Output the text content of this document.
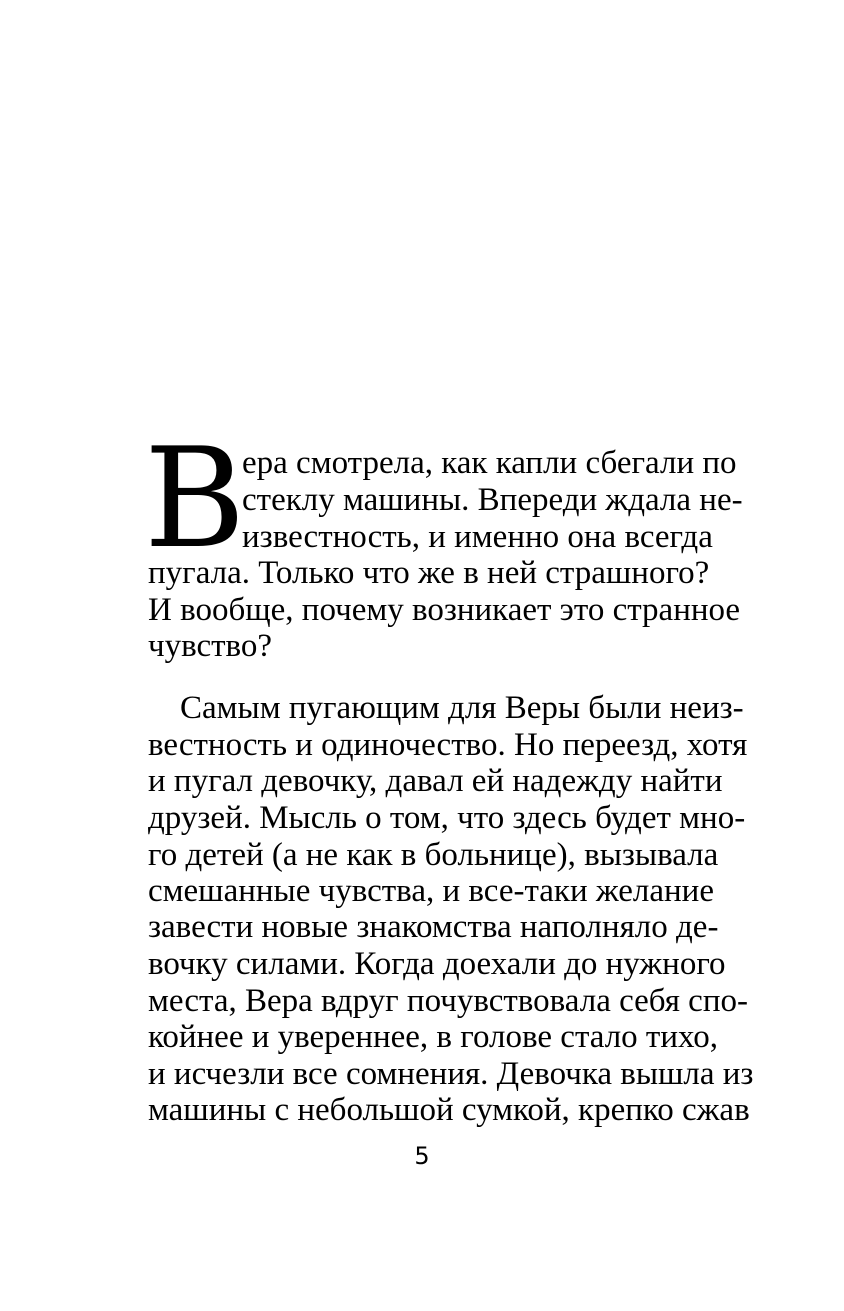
В
ера смотрела, как капли сбегали по
стеклу машины. Впереди ждала не-
известность, и именно она всегда
пугала. Только что же в ней страшного?
И вообще, почему возникает это странное
чувство?
Самым пугающим для Веры были неиз-
вестность и одиночество. Но переезд, хотя
и пугал девочку, давал ей надежду найти
друзей. Мысль о том, что здесь будет мно-
го детей (а не как в больнице), вызывала
смешанные чувства, и все-таки желание
завести новые знакомства наполняло де-
вочку силами. Когда доехали до нужного
места, Вера вдруг почувствовала себя спо-
койнее и увереннее, в голове стало тихо,
и исчезли все сомнения. Девочка вышла из
машины с небольшой сумкой, крепко сжав
5
